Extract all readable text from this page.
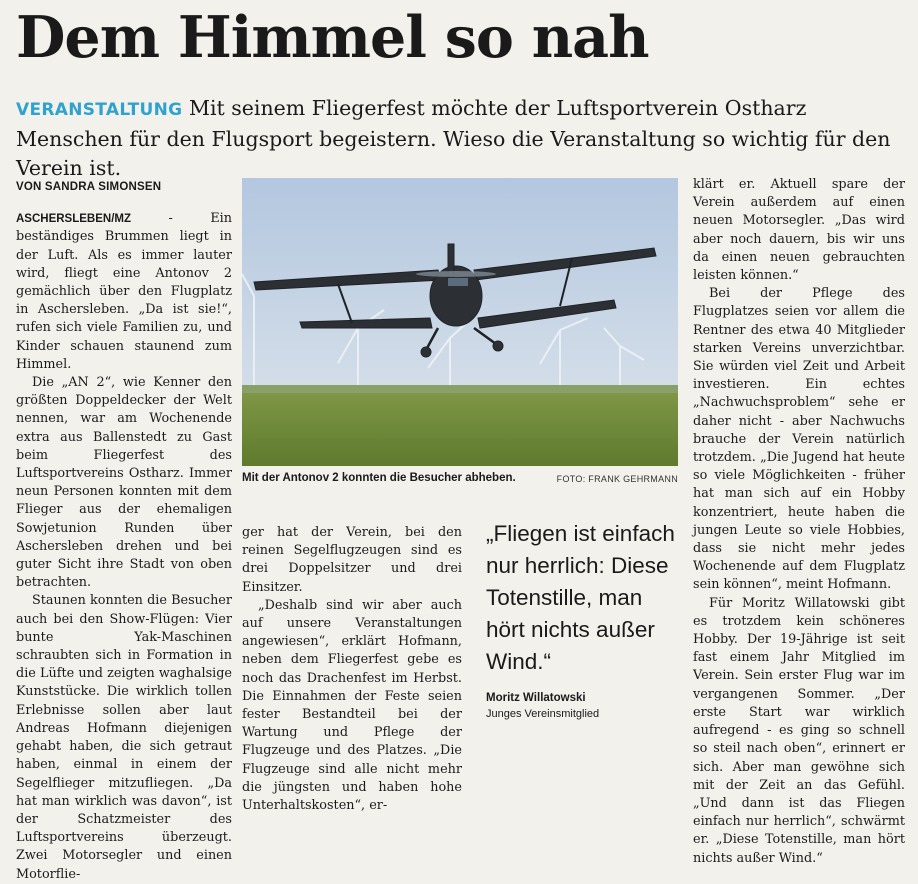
Dem Himmel so nah

VERANSTALTUNG Mit seinem Fliegerfest möchte der Luftsportverein Ostharz Menschen für den Flugsport begeistern. Wieso die Veranstaltung so wichtig für den Verein ist.

VON SANDRA SIMONSEN

ASCHERSLEBEN/MZ - Ein beständiges Brummen liegt in der Luft. Als es immer lauter wird, fliegt eine Antonov 2 gemächlich über den Flugplatz in Aschersleben. „Da ist sie!“, rufen sich viele Familien zu, und Kinder schauen staunend zum Himmel.

Die „AN 2“, wie Kenner den größten Doppeldecker der Welt nennen, war am Wochenende extra aus Ballenstedt zu Gast beim Fliegerfest des Luftsportvereins Ostharz. Immer neun Personen konnten mit dem Flieger aus der ehemaligen Sowjetunion Runden über Aschersleben drehen und bei guter Sicht ihre Stadt von oben betrachten.

Staunen konnten die Besucher auch bei den Show-Flügen: Vier bunte Yak-Maschinen schraubten sich in Formation in die Lüfte und zeigten waghalsige Kunststücke. Die wirklich tollen Erlebnisse sollen aber laut Andreas Hofmann diejenigen gehabt haben, die sich getraut haben, einmal in einem der Segelflieger mitzufliegen. „Da hat man wirklich was davon“, ist der Schatzmeister des Luftsportvereins überzeugt. Zwei Motorsegler und einen Motorflie-

Mit der Antonov 2 konnten die Besucher abheben.	FOTO: FRANK GEHRMANN

ger hat der Verein, bei den reinen Segelflugzeugen sind es drei Doppelsitzer und drei Einsitzer.

„Deshalb sind wir aber auch auf unsere Veranstaltungen angewiesen“, erklärt Hofmann, neben dem Fliegerfest gebe es noch das Drachenfest im Herbst. Die Einnahmen der Feste seien fester Bestandteil bei der Wartung und Pflege der Flugzeuge und des Platzes. „Die Flugzeuge sind alle nicht mehr die jüngsten und haben hohe Unterhaltskosten“, er-

„Fliegen ist einfach nur herrlich: Diese Totenstille, man hört nichts außer Wind.“

Moritz Willatowski
Junges Vereinsmitglied

klärt er. Aktuell spare der Verein außerdem auf einen neuen Motorsegler. „Das wird aber noch dauern, bis wir uns da einen neuen gebrauchten leisten können.“

Bei der Pflege des Flugplatzes seien vor allem die Rentner des etwa 40 Mitglieder starken Vereins unverzichtbar. Sie würden viel Zeit und Arbeit investieren. Ein echtes „Nachwuchsproblem“ sehe er daher nicht - aber Nachwuchs brauche der Verein natürlich trotzdem. „Die Jugend hat heute so viele Möglichkeiten - früher hat man sich auf ein Hobby konzentriert, heute haben die jungen Leute so viele Hobbies, dass sie nicht mehr jedes Wochenende auf dem Flugplatz sein können“, meint Hofmann.

Für Moritz Willatowski gibt es trotzdem kein schöneres Hobby. Der 19-Jährige ist seit fast einem Jahr Mitglied im Verein. Sein erster Flug war im vergangenen Sommer. „Der erste Start war wirklich aufregend - es ging so schnell so steil nach oben“, erinnert er sich. Aber man gewöhne sich mit der Zeit an das Gefühl. „Und dann ist das Fliegen einfach nur herrlich“, schwärmt er. „Diese Totenstille, man hört nichts außer Wind.“
